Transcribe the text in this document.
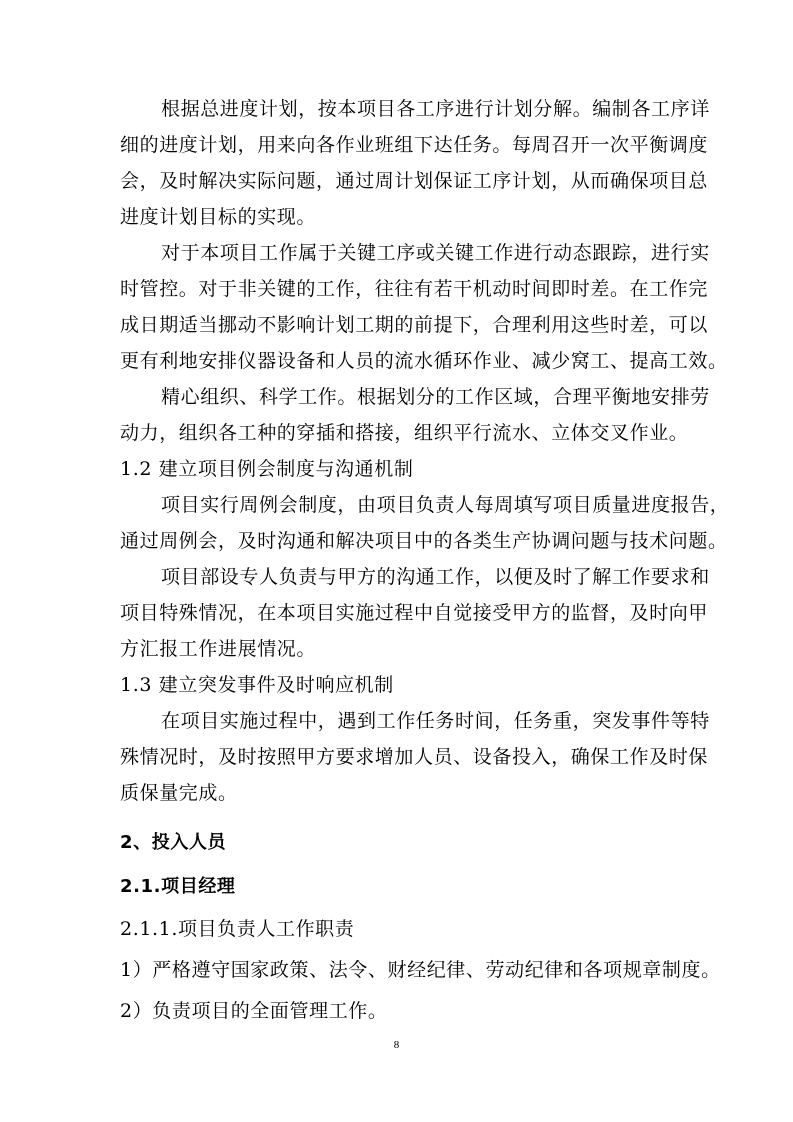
根据总进度计划，按本项目各工序进行计划分解。编制各工序详
细的进度计划，用来向各作业班组下达任务。每周召开一次平衡调度
会，及时解决实际问题，通过周计划保证工序计划，从而确保项目总
进度计划目标的实现。
对于本项目工作属于关键工序或关键工作进行动态跟踪，进行实
时管控。对于非关键的工作，往往有若干机动时间即时差。在工作完
成日期适当挪动不影响计划工期的前提下，合理利用这些时差，可以
更有利地安排仪器设备和人员的流水循环作业、减少窝工、提高工效。
精心组织、科学工作。根据划分的工作区域，合理平衡地安排劳
动力，组织各工种的穿插和搭接，组织平行流水、立体交叉作业。
1.2 建立项目例会制度与沟通机制
项目实行周例会制度，由项目负责人每周填写项目质量进度报告，
通过周例会，及时沟通和解决项目中的各类生产协调问题与技术问题。
项目部设专人负责与甲方的沟通工作，以便及时了解工作要求和
项目特殊情况，在本项目实施过程中自觉接受甲方的监督，及时向甲
方汇报工作进展情况。
1.3 建立突发事件及时响应机制
在项目实施过程中，遇到工作任务时间，任务重，突发事件等特
殊情况时，及时按照甲方要求增加人员、设备投入，确保工作及时保
质保量完成。
2、投入人员
2.1.项目经理
2.1.1.项目负责人工作职责
1）严格遵守国家政策、法令、财经纪律、劳动纪律和各项规章制度。
2）负责项目的全面管理工作。
8
